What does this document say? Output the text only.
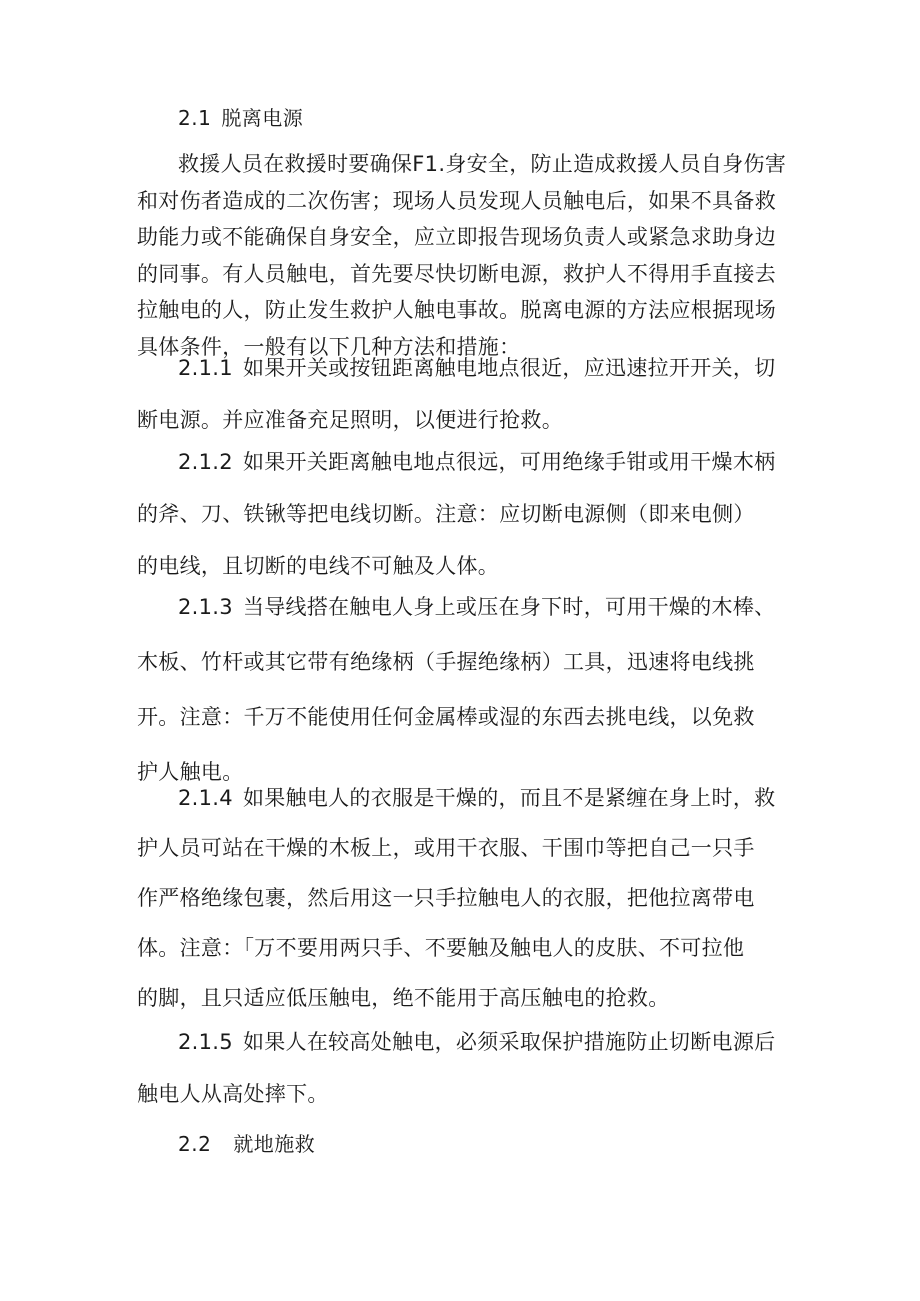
2.1 脱离电源
救援人员在救援时要确保F1.身安全，防止造成救援人员自身伤害
和对伤者造成的二次伤害；现场人员发现人员触电后，如果不具备救
助能力或不能确保自身安全，应立即报告现场负责人或紧急求助身边
的同事。有人员触电，首先要尽快切断电源，救护人不得用手直接去
拉触电的人，防止发生救护人触电事故。脱离电源的方法应根据现场
具体条件，一般有以下几种方法和措施：
2.1.1 如果开关或按钮距离触电地点很近，应迅速拉开开关，切
断电源。并应准备充足照明，以便进行抢救。
2.1.2 如果开关距离触电地点很远，可用绝缘手钳或用干燥木柄
的斧、刀、铁锹等把电线切断。注意：应切断电源侧（即来电侧）
的电线，且切断的电线不可触及人体。
2.1.3 当导线搭在触电人身上或压在身下时，可用干燥的木棒、
木板、竹杆或其它带有绝缘柄（手握绝缘柄）工具，迅速将电线挑
开。注意：千万不能使用任何金属棒或湿的东西去挑电线，以免救
护人触电。
2.1.4 如果触电人的衣服是干燥的，而且不是紧缠在身上时，救
护人员可站在干燥的木板上，或用干衣服、干围巾等把自己一只手
作严格绝缘包裹，然后用这一只手拉触电人的衣服，把他拉离带电
体。注意：「万不要用两只手、不要触及触电人的皮肤、不可拉他
的脚，且只适应低压触电，绝不能用于高压触电的抢救。
2.1.5 如果人在较高处触电，必须采取保护措施防止切断电源后
触电人从高处摔下。
2.2 就地施救
